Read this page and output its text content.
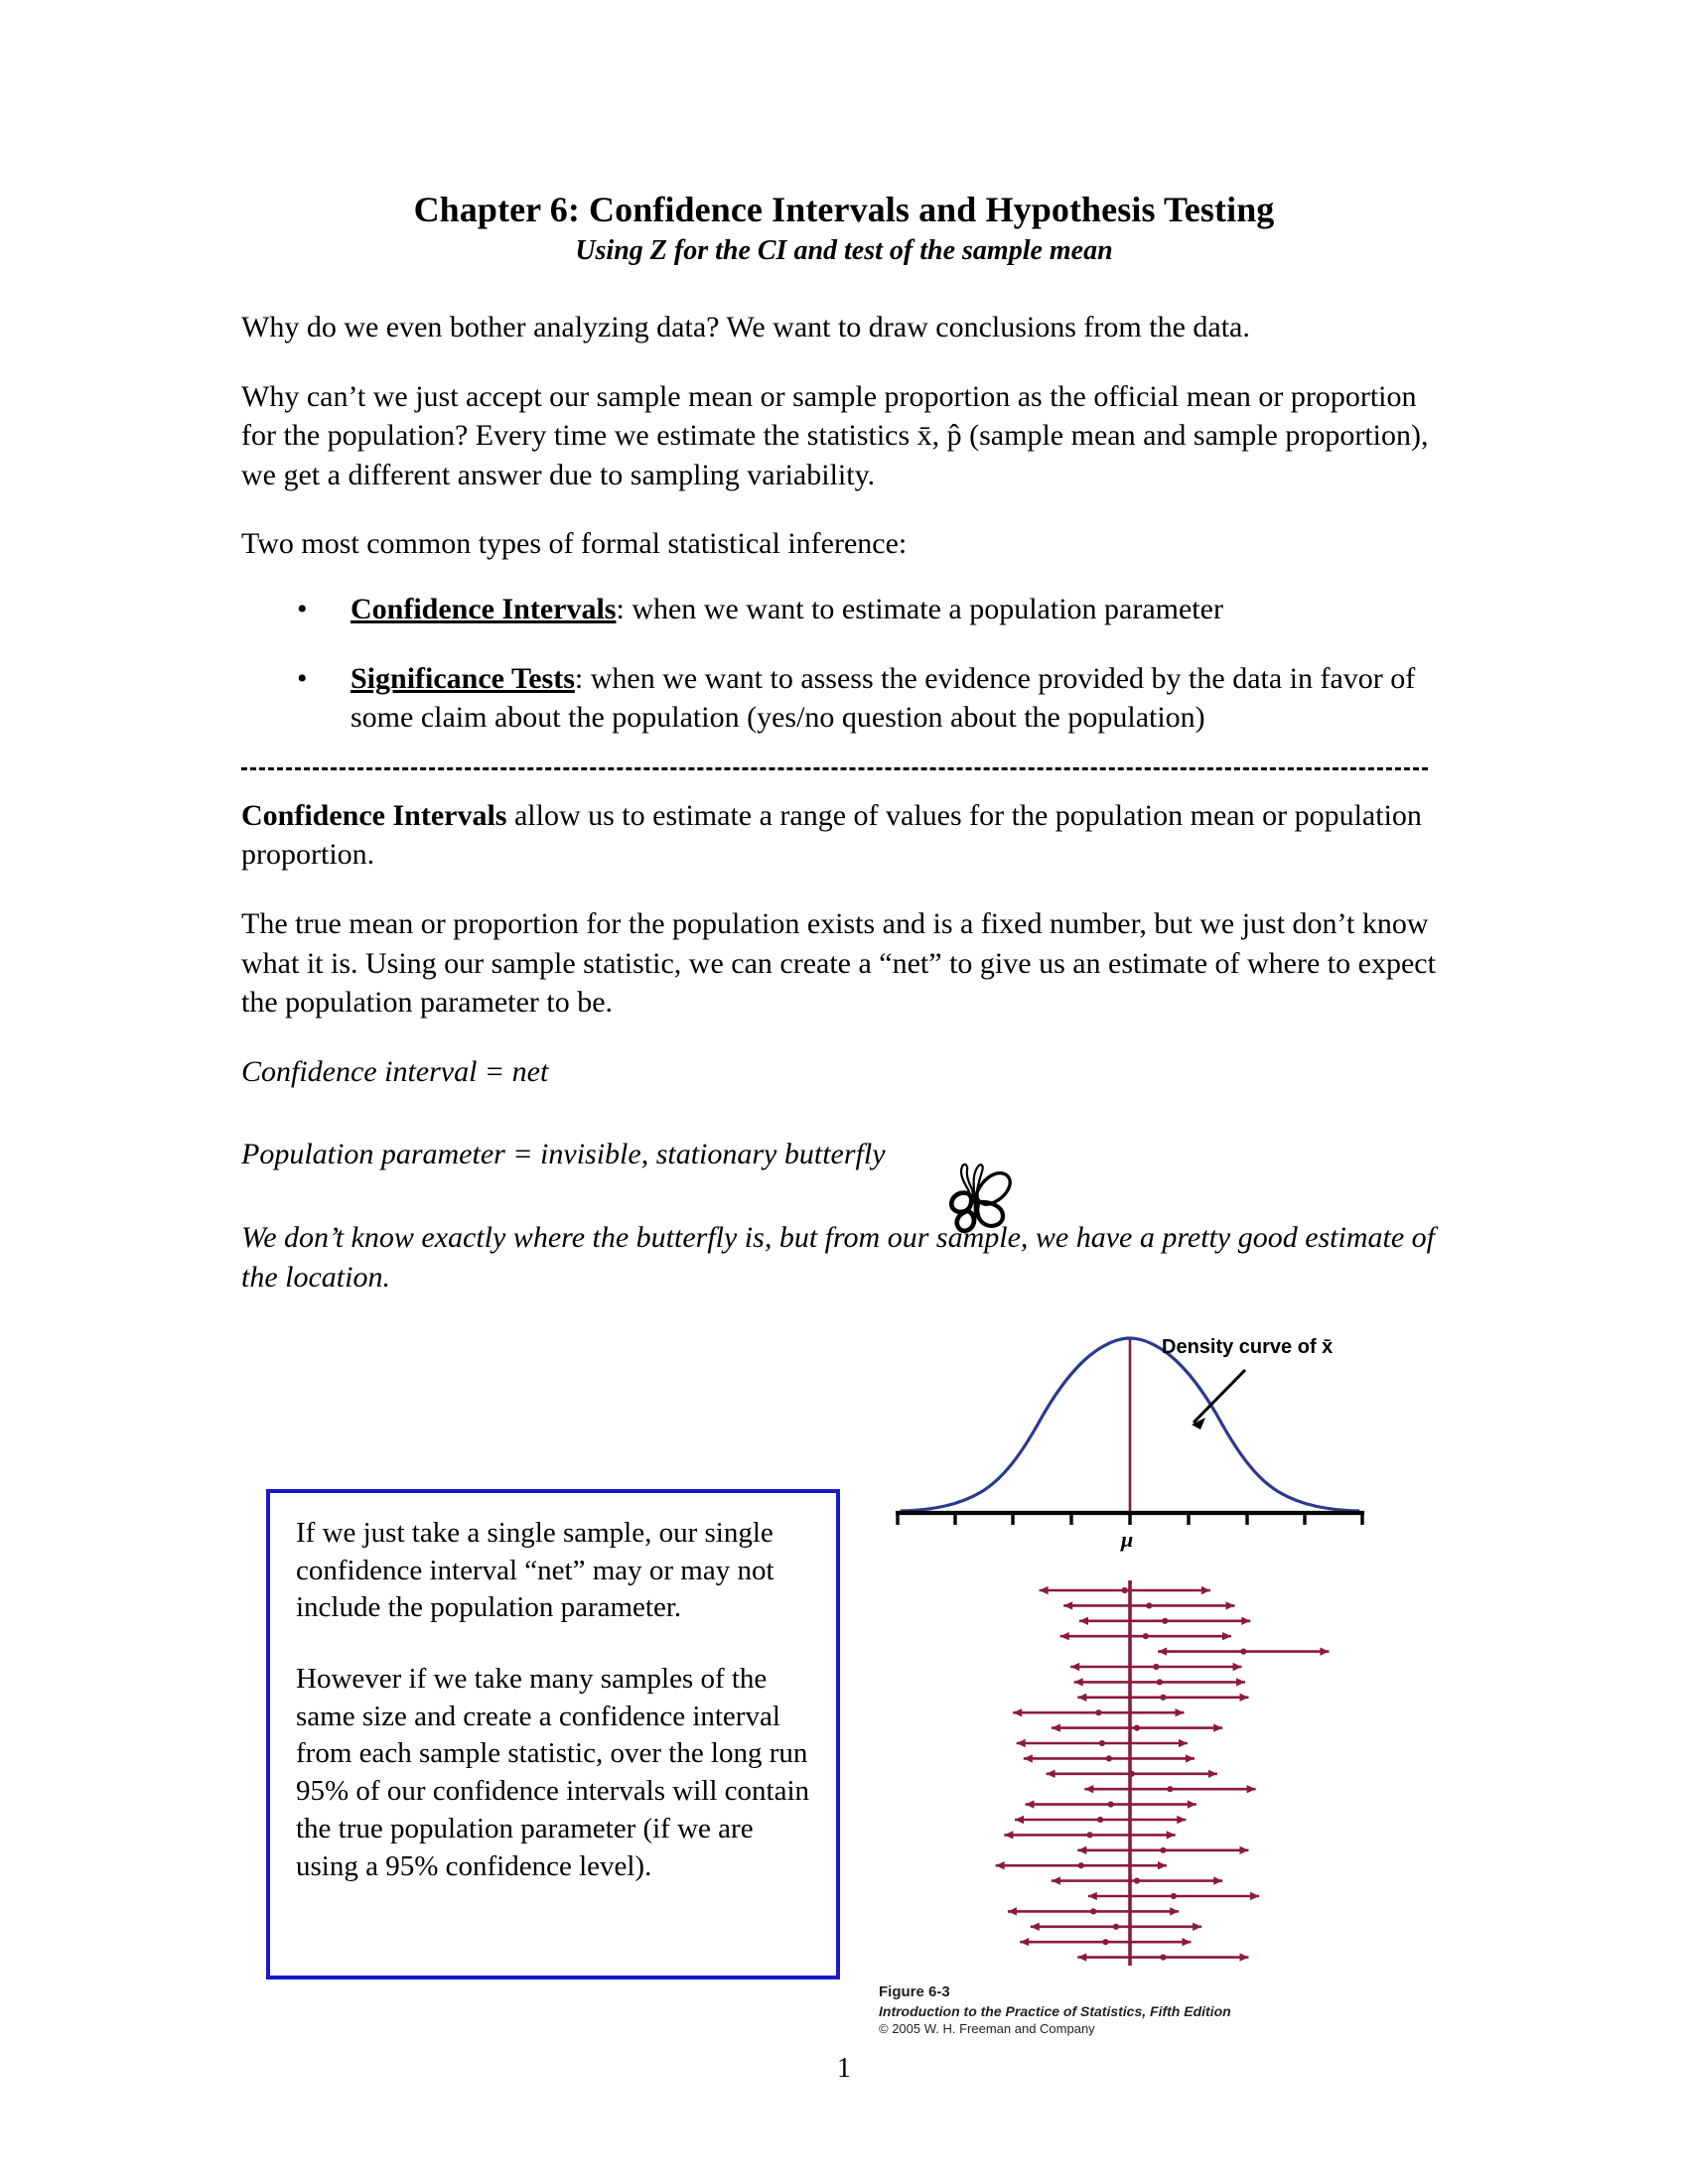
Chapter 6: Confidence Intervals and Hypothesis Testing
Using Z for the CI and test of the sample mean

Why do we even bother analyzing data? We want to draw conclusions from the data.

Why can’t we just accept our sample mean or sample proportion as the official mean or proportion for the population? Every time we estimate the statistics x̄, p̂ (sample mean and sample proportion), we get a different answer due to sampling variability.

Two most common types of formal statistical inference:

• Confidence Intervals: when we want to estimate a population parameter
• Significance Tests: when we want to assess the evidence provided by the data in favor of some claim about the population (yes/no question about the population)

Confidence Intervals allow us to estimate a range of values for the population mean or population proportion.

The true mean or proportion for the population exists and is a fixed number, but we just don’t know what it is. Using our sample statistic, we can create a “net” to give us an estimate of where to expect the population parameter to be.

Confidence interval = net

Population parameter = invisible, stationary butterfly

We don’t know exactly where the butterfly is, but from our sample, we have a pretty good estimate of the location.

If we just take a single sample, our single confidence interval “net” may or may not include the population parameter.

However if we take many samples of the same size and create a confidence interval from each sample statistic, over the long run 95% of our confidence intervals will contain the true population parameter (if we are using a 95% confidence level).

Density curve of x̄
μ
Figure 6-3
Introduction to the Practice of Statistics, Fifth Edition
© 2005 W. H. Freeman and Company
1
